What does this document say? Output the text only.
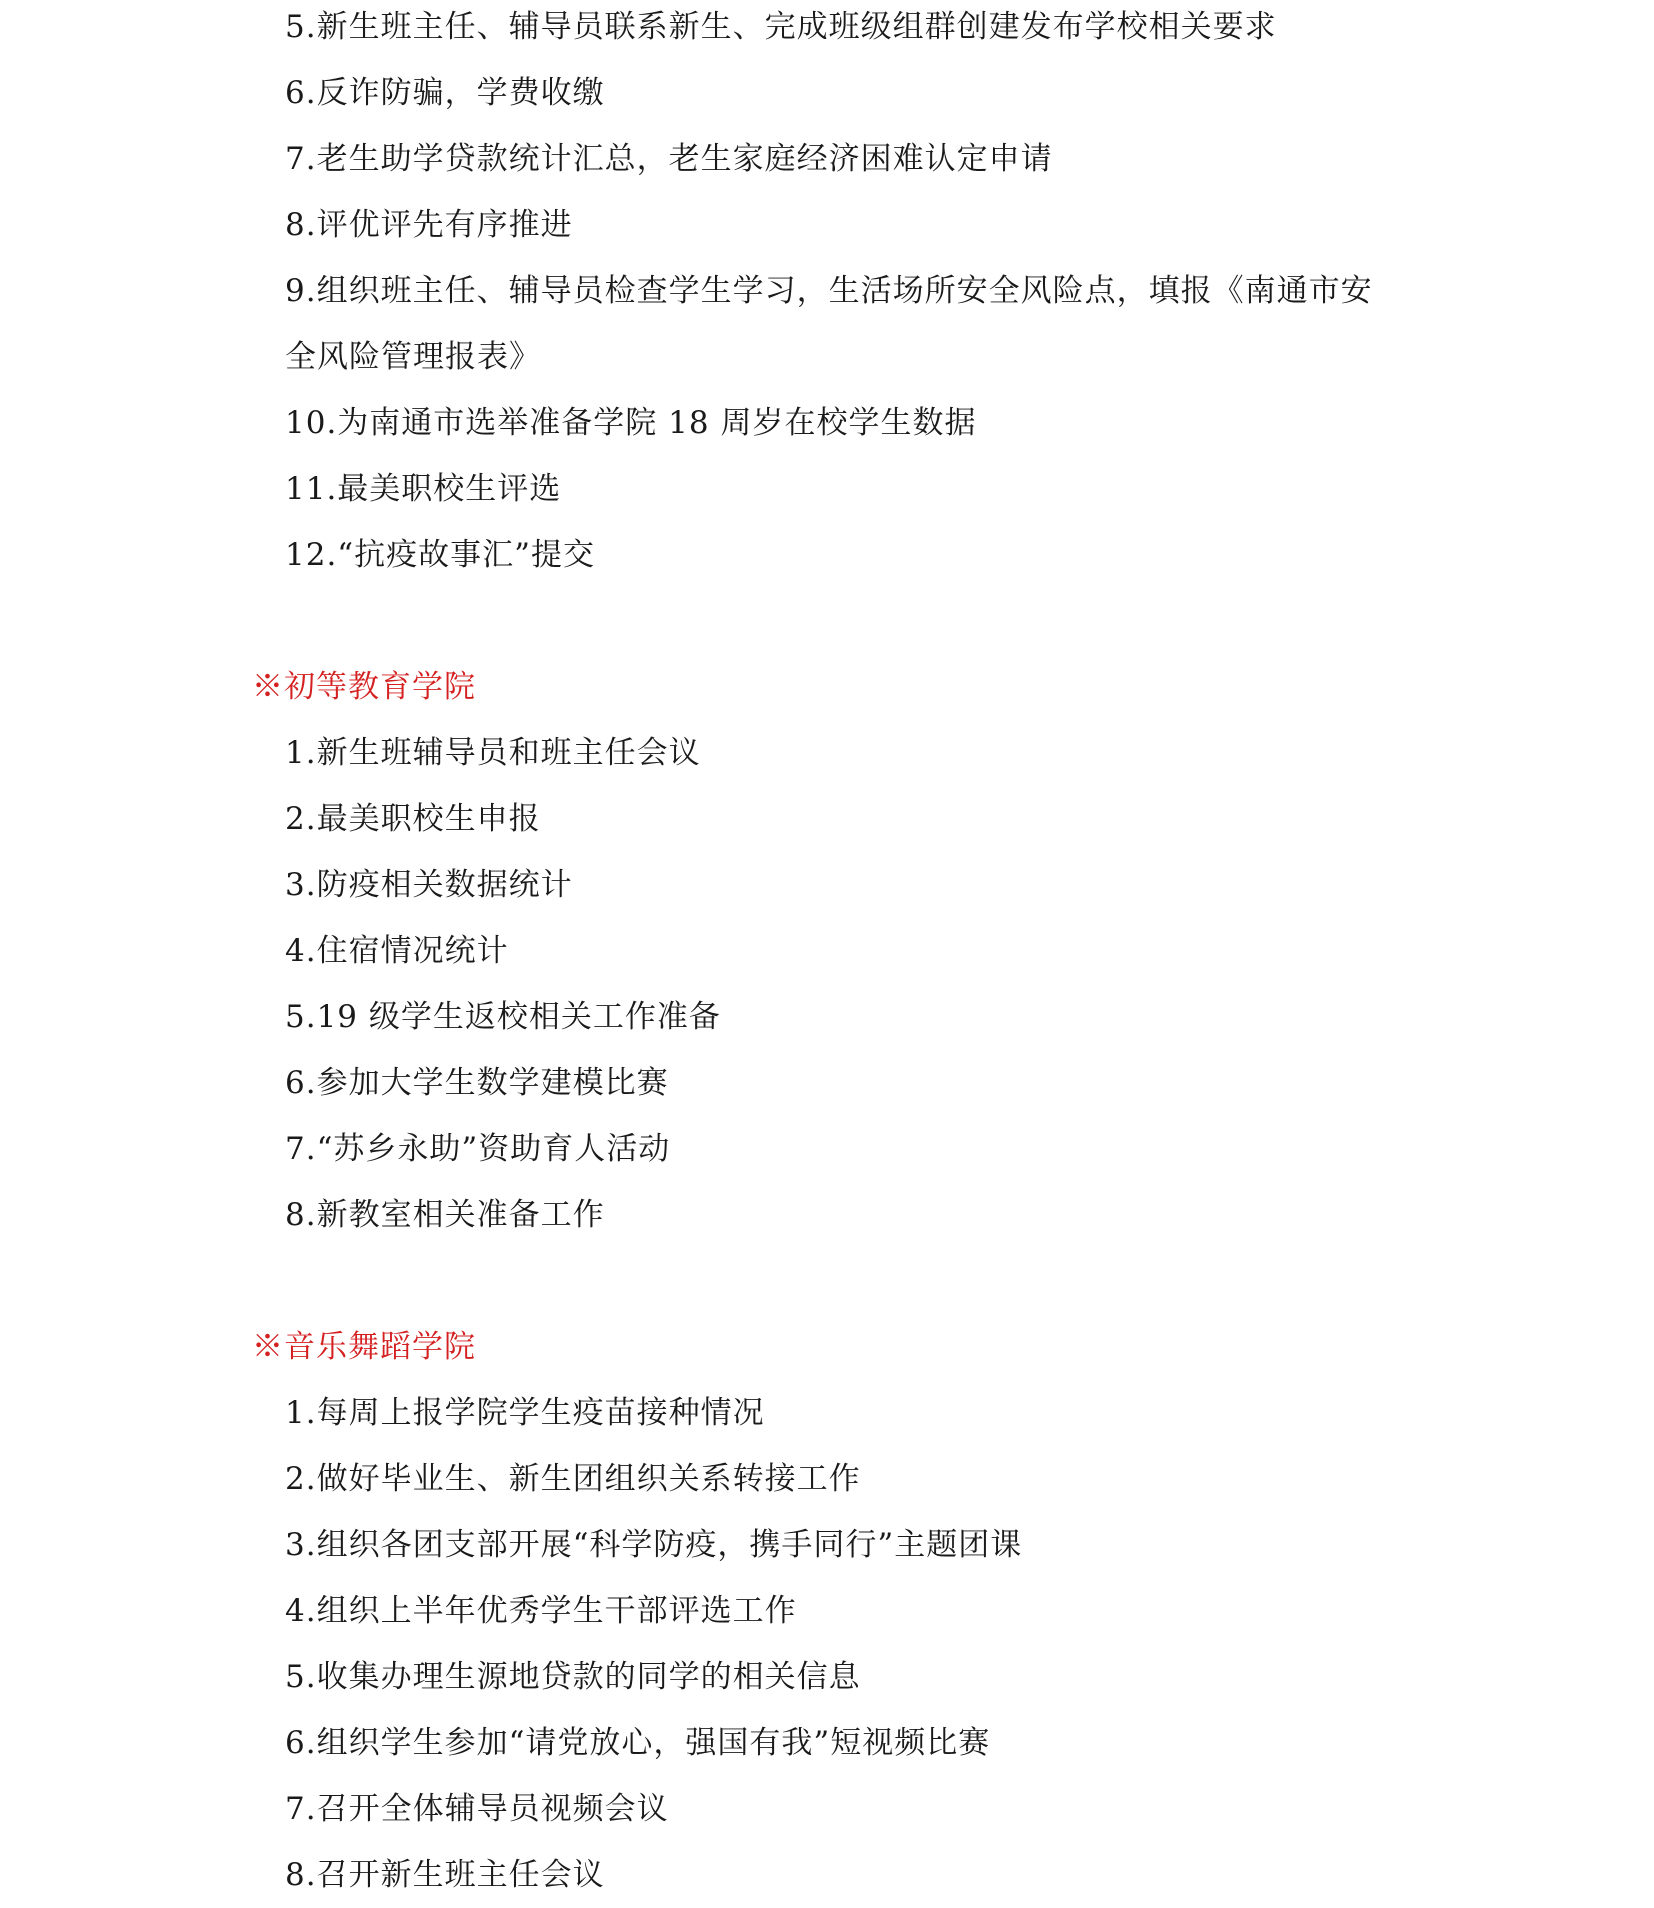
5.新生班主任、辅导员联系新生、完成班级组群创建发布学校相关要求
6.反诈防骗，学费收缴
7.老生助学贷款统计汇总，老生家庭经济困难认定申请
8.评优评先有序推进
9.组织班主任、辅导员检查学生学习，生活场所安全风险点，填报《南通市安
全风险管理报表》
10.为南通市选举准备学院 18 周岁在校学生数据
11.最美职校生评选
12.“抗疫故事汇”提交
※初等教育学院
1.新生班辅导员和班主任会议
2.最美职校生申报
3.防疫相关数据统计
4.住宿情况统计
5.19 级学生返校相关工作准备
6.参加大学生数学建模比赛
7.“苏乡永助”资助育人活动
8.新教室相关准备工作
※音乐舞蹈学院
1.每周上报学院学生疫苗接种情况
2.做好毕业生、新生团组织关系转接工作
3.组织各团支部开展“科学防疫，携手同行”主题团课
4.组织上半年优秀学生干部评选工作
5.收集办理生源地贷款的同学的相关信息
6.组织学生参加“请党放心，强国有我”短视频比赛
7.召开全体辅导员视频会议
8.召开新生班主任会议
